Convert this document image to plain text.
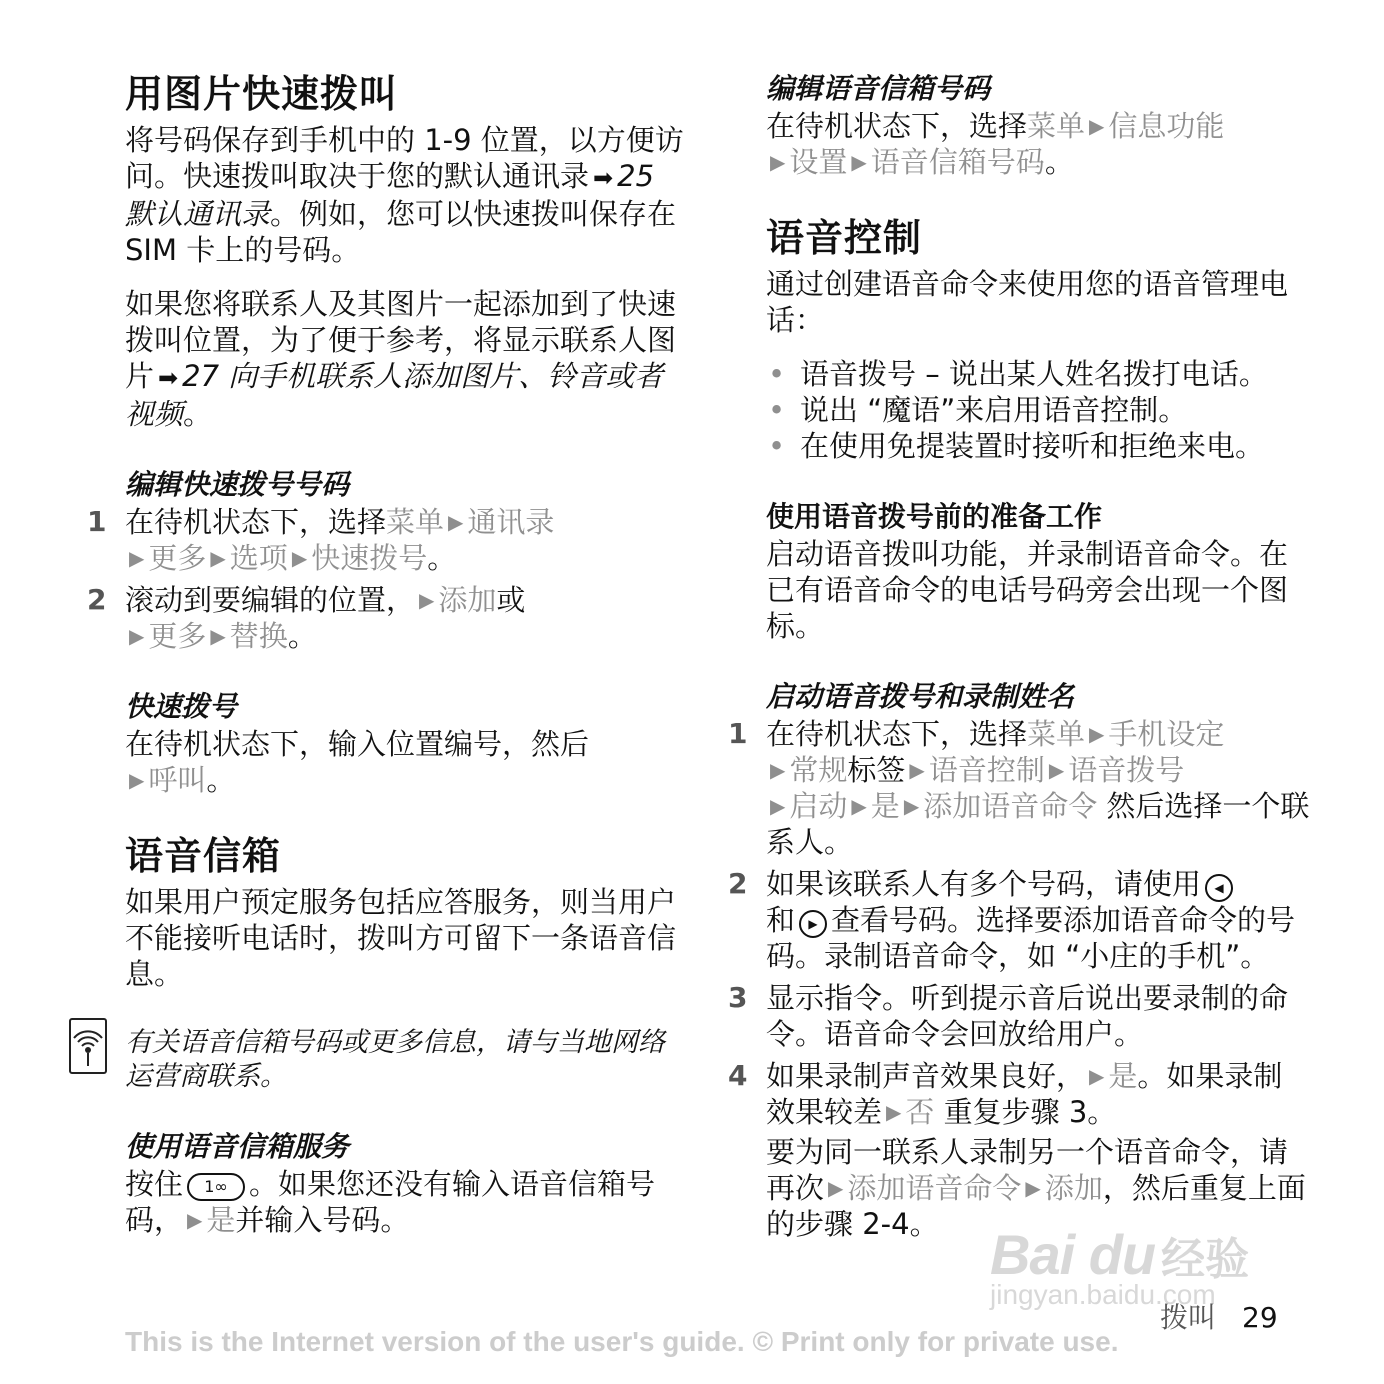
用图片快速拨叫

将号码保存到手机中的 1-9 位置，以方便访问。快速拨叫取决于您的默认通讯录 ➡ 25 默认通讯录。例如，您可以快速拨叫保存在 SIM 卡上的号码。

如果您将联系人及其图片一起添加到了快速拨叫位置，为了便于参考，将显示联系人图片 ➡ 27 向手机联系人添加图片、铃音或者视频。

编辑快速拨号号码
1 在待机状态下，选择菜单 ▶ 通讯录
▶ 更多 ▶ 选项 ▶ 快速拨号。

2 滚动到要编辑的位置， ▶ 添加或
▶ 更多 ▶ 替换。

快速拨号

在待机状态下，输入位置编号，然后
▶ 呼叫。

语音信箱

如果用户预定服务包括应答服务，则当用户不能接听电话时，拨叫方可留下一条语音信息。

有关语音信箱号码或更多信息，请与当地网络运营商联系。

使用语音信箱服务

按住 1∞ 。如果您还没有输入语音信箱号码， ▶ 是并输入号码。

编辑语音信箱号码

在待机状态下，选择菜单 ▶ 信息功能
▶ 设置 ▶ 语音信箱号码。

语音控制

通过创建语音命令来使用您的语音管理电话：

• 语音拨号 – 说出某人姓名拨打电话。
• 说出 “魔语”来启用语音控制。
• 在使用免提装置时接听和拒绝来电。
使用语音拨号前的准备工作

启动语音拨叫功能，并录制语音命令。在已有语音命令的电话号码旁会出现一个图标。

启动语音拨号和录制姓名
1 在待机状态下，选择菜单 ▶ 手机设定
▶ 常规标签 ▶ 语音控制 ▶ 语音拨号
▶ 启动 ▶ 是 ▶ 添加语音命令 然后选择一个联系人。

2 如果该联系人有多个号码，请使用 ◀
和 ▶ 查看号码。选择要添加语音命令的号码。录制语音命令，如 “小庄的手机”。

3 显示指令。听到提示音后说出要录制的命令。语音命令会回放给用户。

4 如果录制声音效果良好， ▶ 是。如果录制效果较差 ▶ 否 重复步骤 3。

要为同一联系人录制另一个语音命令，请再次 ▶ 添加语音命令 ▶ 添加，然后重复上面的步骤 2-4。 Bai du 经验
jingyan.baidu.com
拨叫 29
This is the Internet version of the user's guide. © Print only for private use.
